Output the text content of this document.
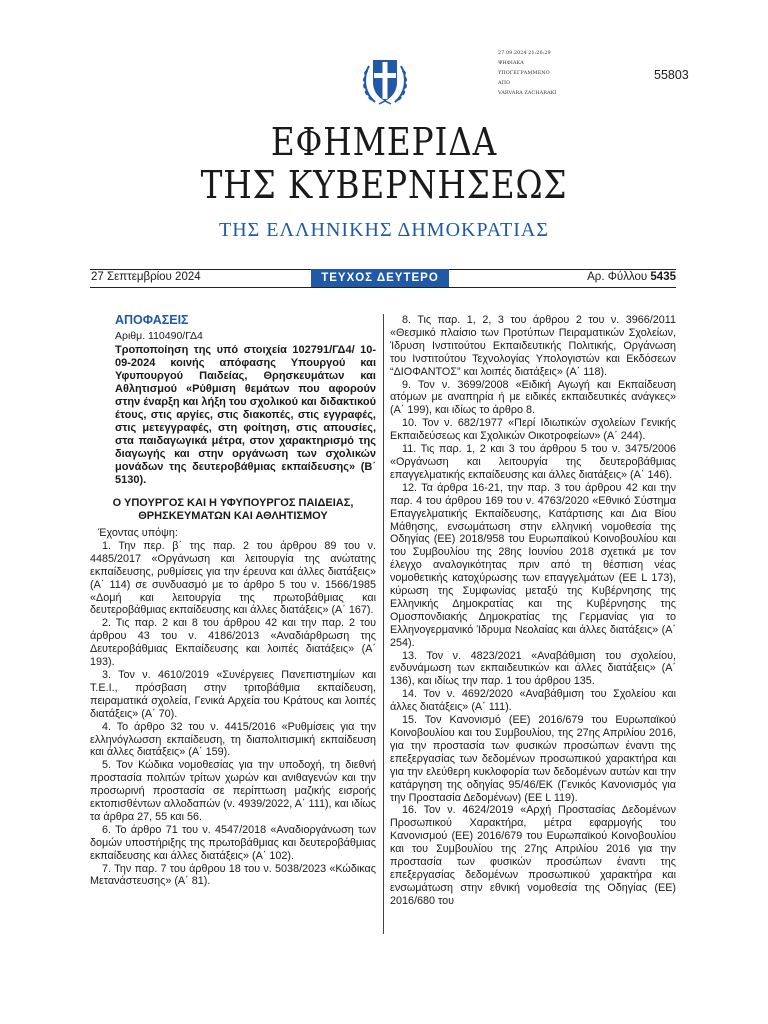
27.09.2024 21:26:29
ΨΗΦΙΑΚΑ
ΥΠΟΓΕΓΡΑΜΜΕΝΟ
ΑΠΟ
VARVARA ZACHARAKI
55803
ΕΦΗΜΕΡΙΔΑ
ΤΗΣ ΚΥΒΕΡΝΗΣΕΩΣ
ΤΗΣ ΕΛΛΗΝΙΚΗΣ ΔΗΜΟΚΡΑΤΙΑΣ
27 Σεπτεμβρίου 2024	ΤΕΥΧΟΣ ΔΕΥΤΕΡΟ	Αρ. Φύλλου 5435
ΑΠΟΦΑΣΕΙΣ
Αριθμ. 110490/ΓΔ4
Τροποποίηση της υπό στοιχεία 102791/ΓΔ4/ 10-09-2024 κοινής απόφασης Υπουργού και Υφυπουργού Παιδείας, Θρησκευμάτων και Αθλητισμού «Ρύθμιση θεμάτων που αφορούν στην έναρξη και λήξη του σχολικού και διδακτικού έτους, στις αργίες, στις διακοπές, στις εγγραφές, στις μετεγγραφές, στη φοίτηση, στις απουσίες, στα παιδαγωγικά μέτρα, στον χαρακτηρισμό της διαγωγής και στην οργάνωση των σχολικών μονάδων της δευτεροβάθμιας εκπαίδευσης» (Β΄ 5130).
Ο ΥΠΟΥΡΓΟΣ ΚΑΙ Η ΥΦΥΠΟΥΡΓΟΣ ΠΑΙΔΕΙΑΣ, ΘΡΗΣΚΕΥΜΑΤΩΝ ΚΑΙ ΑΘΛΗΤΙΣΜΟΥ
Έχοντας υπόψη:
1. Την περ. β΄ της παρ. 2 του άρθρου 89 του ν. 4485/2017 «Οργάνωση και λειτουργία της ανώτατης εκπαίδευσης, ρυθμίσεις για την έρευνα και άλλες διατάξεις» (Α΄ 114) σε συνδυασμό με το άρθρο 5 του ν. 1566/1985 «Δομή και λειτουργία της πρωτοβάθμιας και δευτεροβάθμιας εκπαίδευσης και άλλες διατάξεις» (Α΄ 167).
2. Τις παρ. 2 και 8 του άρθρου 42 και την παρ. 2 του άρθρου 43 του ν. 4186/2013 «Αναδιάρθρωση της Δευτεροβάθμιας Εκπαίδευσης και λοιπές διατάξεις» (Α΄ 193).
3. Τον ν. 4610/2019 «Συνέργειες Πανεπιστημίων και Τ.Ε.Ι., πρόσβαση στην τριτοβάθμια εκπαίδευση, πειραματικά σχολεία, Γενικά Αρχεία του Κράτους και λοιπές διατάξεις» (Α΄ 70).
4. Το άρθρο 32 του ν. 4415/2016 «Ρυθμίσεις για την ελληνόγλωσση εκπαίδευση, τη διαπολιτισμική εκπαίδευση και άλλες διατάξεις» (Α΄ 159).
5. Τον Κώδικα νομοθεσίας για την υποδοχή, τη διεθνή προστασία πολιτών τρίτων χωρών και ανιθαγενών και την προσωρινή προστασία σε περίπτωση μαζικής εισροής εκτοπισθέντων αλλοδαπών (ν. 4939/2022, Α΄ 111), και ιδίως τα άρθρα 27, 55 και 56.
6. Το άρθρο 71 του ν. 4547/2018 «Αναδιοργάνωση των δομών υποστήριξης της πρωτοβάθμιας και δευτεροβάθμιας εκπαίδευσης και άλλες διατάξεις» (Α΄ 102).
7. Την παρ. 7 του άρθρου 18 του ν. 5038/2023 «Κώδικας Μετανάστευσης» (Α΄ 81).
8. Τις παρ. 1, 2, 3 του άρθρου 2 του ν. 3966/2011 «Θεσμικό πλαίσιο των Προτύπων Πειραματικών Σχολείων, Ίδρυση Ινστιτούτου Εκπαιδευτικής Πολιτικής, Οργάνωση του Ινστιτούτου Τεχνολογίας Υπολογιστών και Εκδόσεων “ΔΙΟΦΑΝΤΟΣ” και λοιπές διατάξεις» (Α΄ 118).
9. Τον ν. 3699/2008 «Ειδική Αγωγή και Εκπαίδευση ατόμων με αναπηρία ή με ειδικές εκπαιδευτικές ανάγκες» (Α΄ 199), και ιδίως το άρθρο 8.
10. Τον ν. 682/1977 «Περί Ιδιωτικών σχολείων Γενικής Εκπαιδεύσεως και Σχολικών Οικοτροφείων» (Α΄ 244).
11. Τις παρ. 1, 2 και 3 του άρθρου 5 του ν. 3475/2006 «Οργάνωση και λειτουργία της δευτεροβάθμιας επαγγελματικής εκπαίδευσης και άλλες διατάξεις» (Α΄ 146).
12. Τα άρθρα 16-21, την παρ. 3 του άρθρου 42 και την παρ. 4 του άρθρου 169 του ν. 4763/2020 «Εθνικό Σύστημα Επαγγελματικής Εκπαίδευσης, Κατάρτισης και Δια Βίου Μάθησης, ενσωμάτωση στην ελληνική νομοθεσία της Οδηγίας (ΕΕ) 2018/958 του Ευρωπαϊκού Κοινοβουλίου και του Συμβουλίου της 28ης Ιουνίου 2018 σχετικά με τον έλεγχο αναλογικότητας πριν από τη θέσπιση νέας νομοθετικής κατοχύρωσης των επαγγελμάτων (EE L 173), κύρωση της Συμφωνίας μεταξύ της Κυβέρνησης της Ελληνικής Δημοκρατίας και της Κυβέρνησης της Ομοσπονδιακής Δημοκρατίας της Γερμανίας για το Ελληνογερμανικό Ίδρυμα Νεολαίας και άλλες διατάξεις» (Α΄ 254).
13. Τον ν. 4823/2021 «Αναβάθμιση του σχολείου, ενδυνάμωση των εκπαιδευτικών και άλλες διατάξεις» (Α΄ 136), και ιδίως την παρ. 1 του άρθρου 135.
14. Τον ν. 4692/2020 «Αναβάθμιση του Σχολείου και άλλες διατάξεις» (Α΄ 111).
15. Τον Κανονισμό (ΕΕ) 2016/679 του Ευρωπαϊκού Κοινοβουλίου και του Συμβουλίου, της 27ης Απριλίου 2016, για την προστασία των φυσικών προσώπων έναντι της επεξεργασίας των δεδομένων προσωπικού χαρακτήρα και για την ελεύθερη κυκλοφορία των δεδομένων αυτών και την κατάργηση της οδηγίας 95/46/ΕΚ (Γενικός Κανονισμός για την Προστασία Δεδομένων) (ΕΕ L 119).
16. Τον ν. 4624/2019 «Αρχή Προστασίας Δεδομένων Προσωπικού Χαρακτήρα, μέτρα εφαρμογής του Κανονισμού (ΕΕ) 2016/679 του Ευρωπαϊκού Κοινοβουλίου και του Συμβουλίου της 27ης Απριλίου 2016 για την προστασία των φυσικών προσώπων έναντι της επεξεργασίας δεδομένων προσωπικού χαρακτήρα και ενσωμάτωση στην εθνική νομοθεσία της Οδηγίας (ΕΕ) 2016/680 του
